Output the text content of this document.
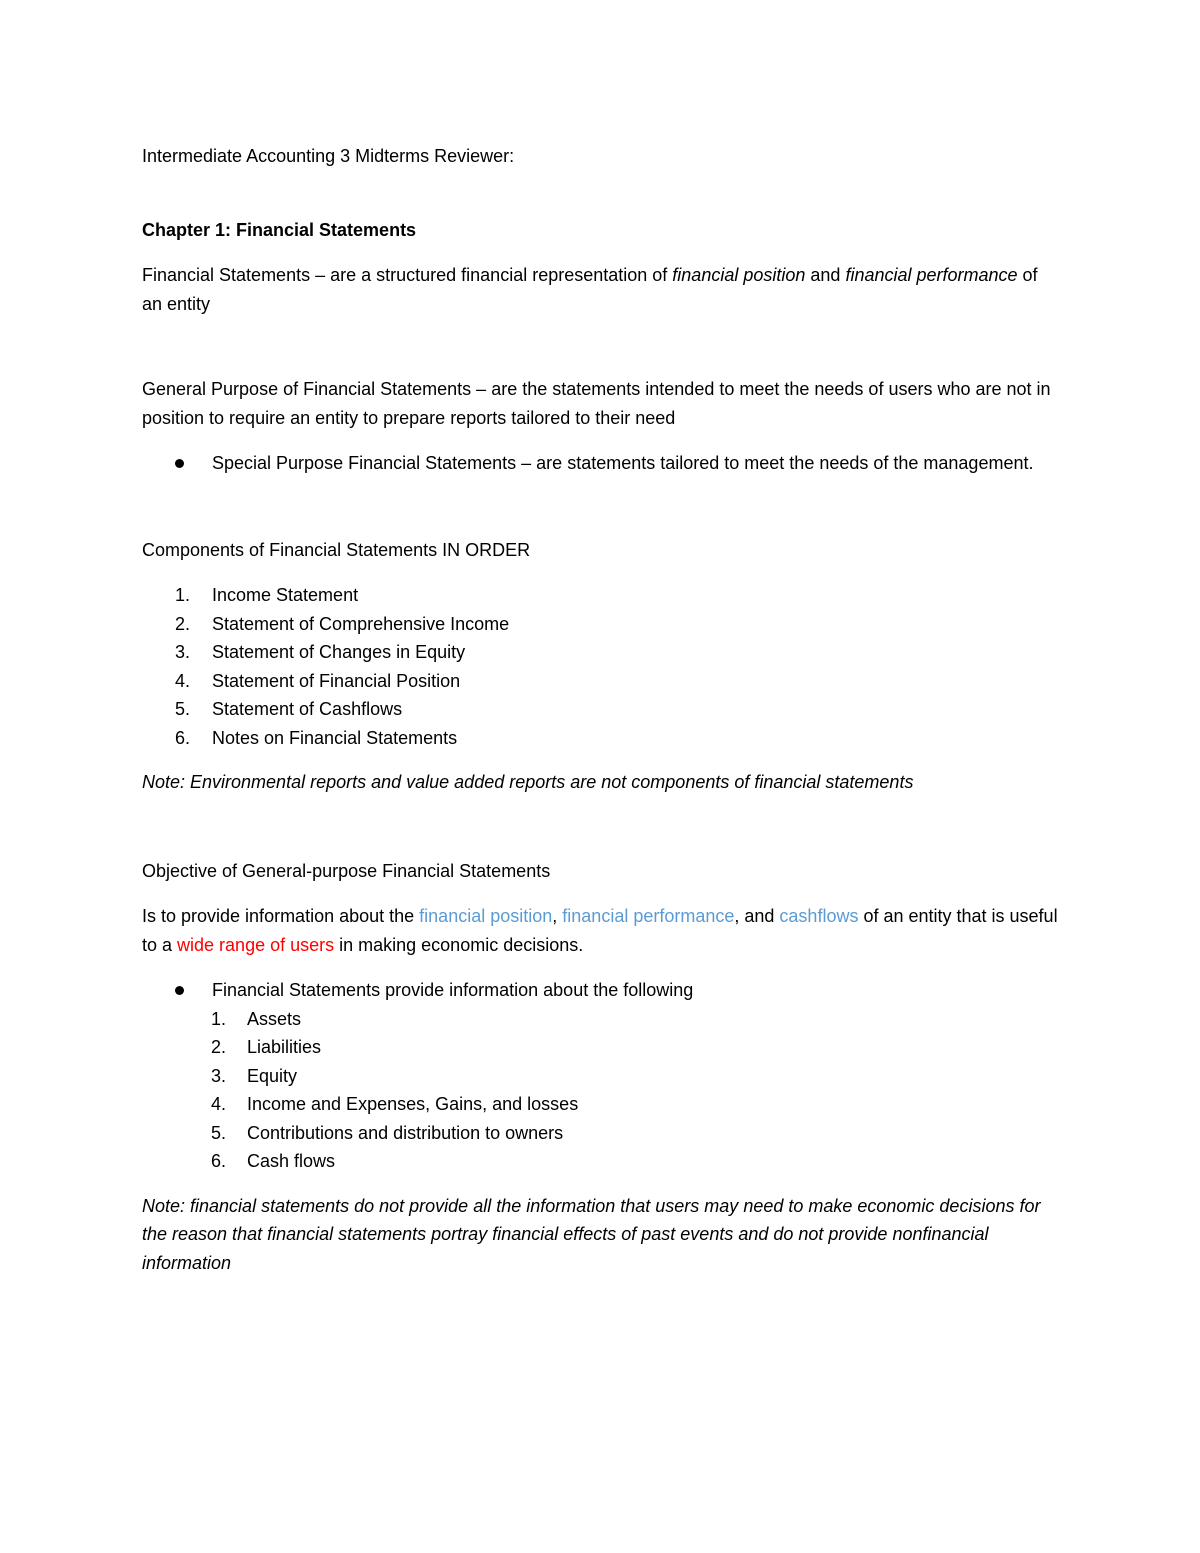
Intermediate Accounting 3 Midterms Reviewer:

Chapter 1: Financial Statements

Financial Statements – are a structured financial representation of financial position and financial performance of an entity

General Purpose of Financial Statements – are the statements intended to meet the needs of users who are not in position to require an entity to prepare reports tailored to their need

Special Purpose Financial Statements – are statements tailored to meet the needs of the management.

Components of Financial Statements IN ORDER

1. Income Statement
2. Statement of Comprehensive Income
3. Statement of Changes in Equity
4. Statement of Financial Position
5. Statement of Cashflows
6. Notes on Financial Statements

Note: Environmental reports and value added reports are not components of financial statements

Objective of General-purpose Financial Statements

Is to provide information about the financial position, financial performance, and cashflows of an entity that is useful to a wide range of users in making economic decisions.

Financial Statements provide information about the following
1. Assets
2. Liabilities
3. Equity
4. Income and Expenses, Gains, and losses
5. Contributions and distribution to owners
6. Cash flows

Note: financial statements do not provide all the information that users may need to make economic decisions for the reason that financial statements portray financial effects of past events and do not provide nonfinancial information
